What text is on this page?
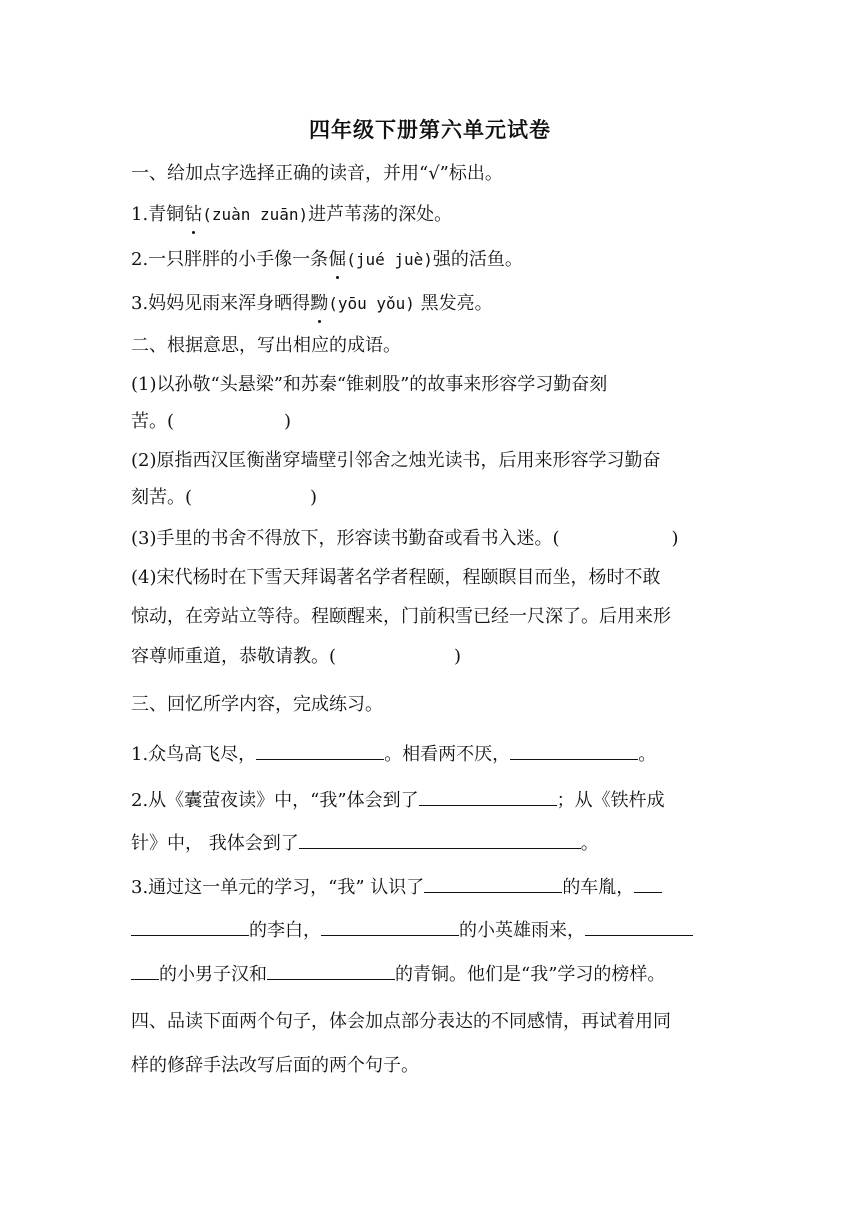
四年级下册第六单元试卷
一、给加点字选择正确的读音，并用“√”标出。
1.青铜钻(zuàn zuān)进芦苇荡的深处。
2.一只胖胖的小手像一条倔(jué juè)强的活鱼。
3.妈妈见雨来浑身晒得黝(yōu yǒu) 黑发亮。
二、根据意思，写出相应的成语。
(1)以孙敬“头悬梁”和苏秦“锥刺股”的故事来形容学习勤奋刻
苦。(	)
(2)原指西汉匡衡凿穿墙壁引邻舍之烛光读书，后用来形容学习勤奋
刻苦。(	)
(3)手里的书舍不得放下，形容读书勤奋或看书入迷。(	)
(4)宋代杨时在下雪天拜谒著名学者程颐，程颐瞑目而坐，杨时不敢
惊动，在旁站立等待。程颐醒来，门前积雪已经一尺深了。后用来形
容尊师重道，恭敬请教。(	)
三、回忆所学内容，完成练习。
1.众鸟高飞尽，	。相看两不厌，	。
2.从《囊萤夜读》中，“我”体会到了	；从《铁杵成
针》中， 我体会到了	。
3.通过这一单元的学习，“我” 认识了	的车胤，
的李白，	的小英雄雨来，
的小男子汉和	的青铜。他们是“我”学习的榜样。
四、品读下面两个句子，体会加点部分表达的不同感情，再试着用同
样的修辞手法改写后面的两个句子。
